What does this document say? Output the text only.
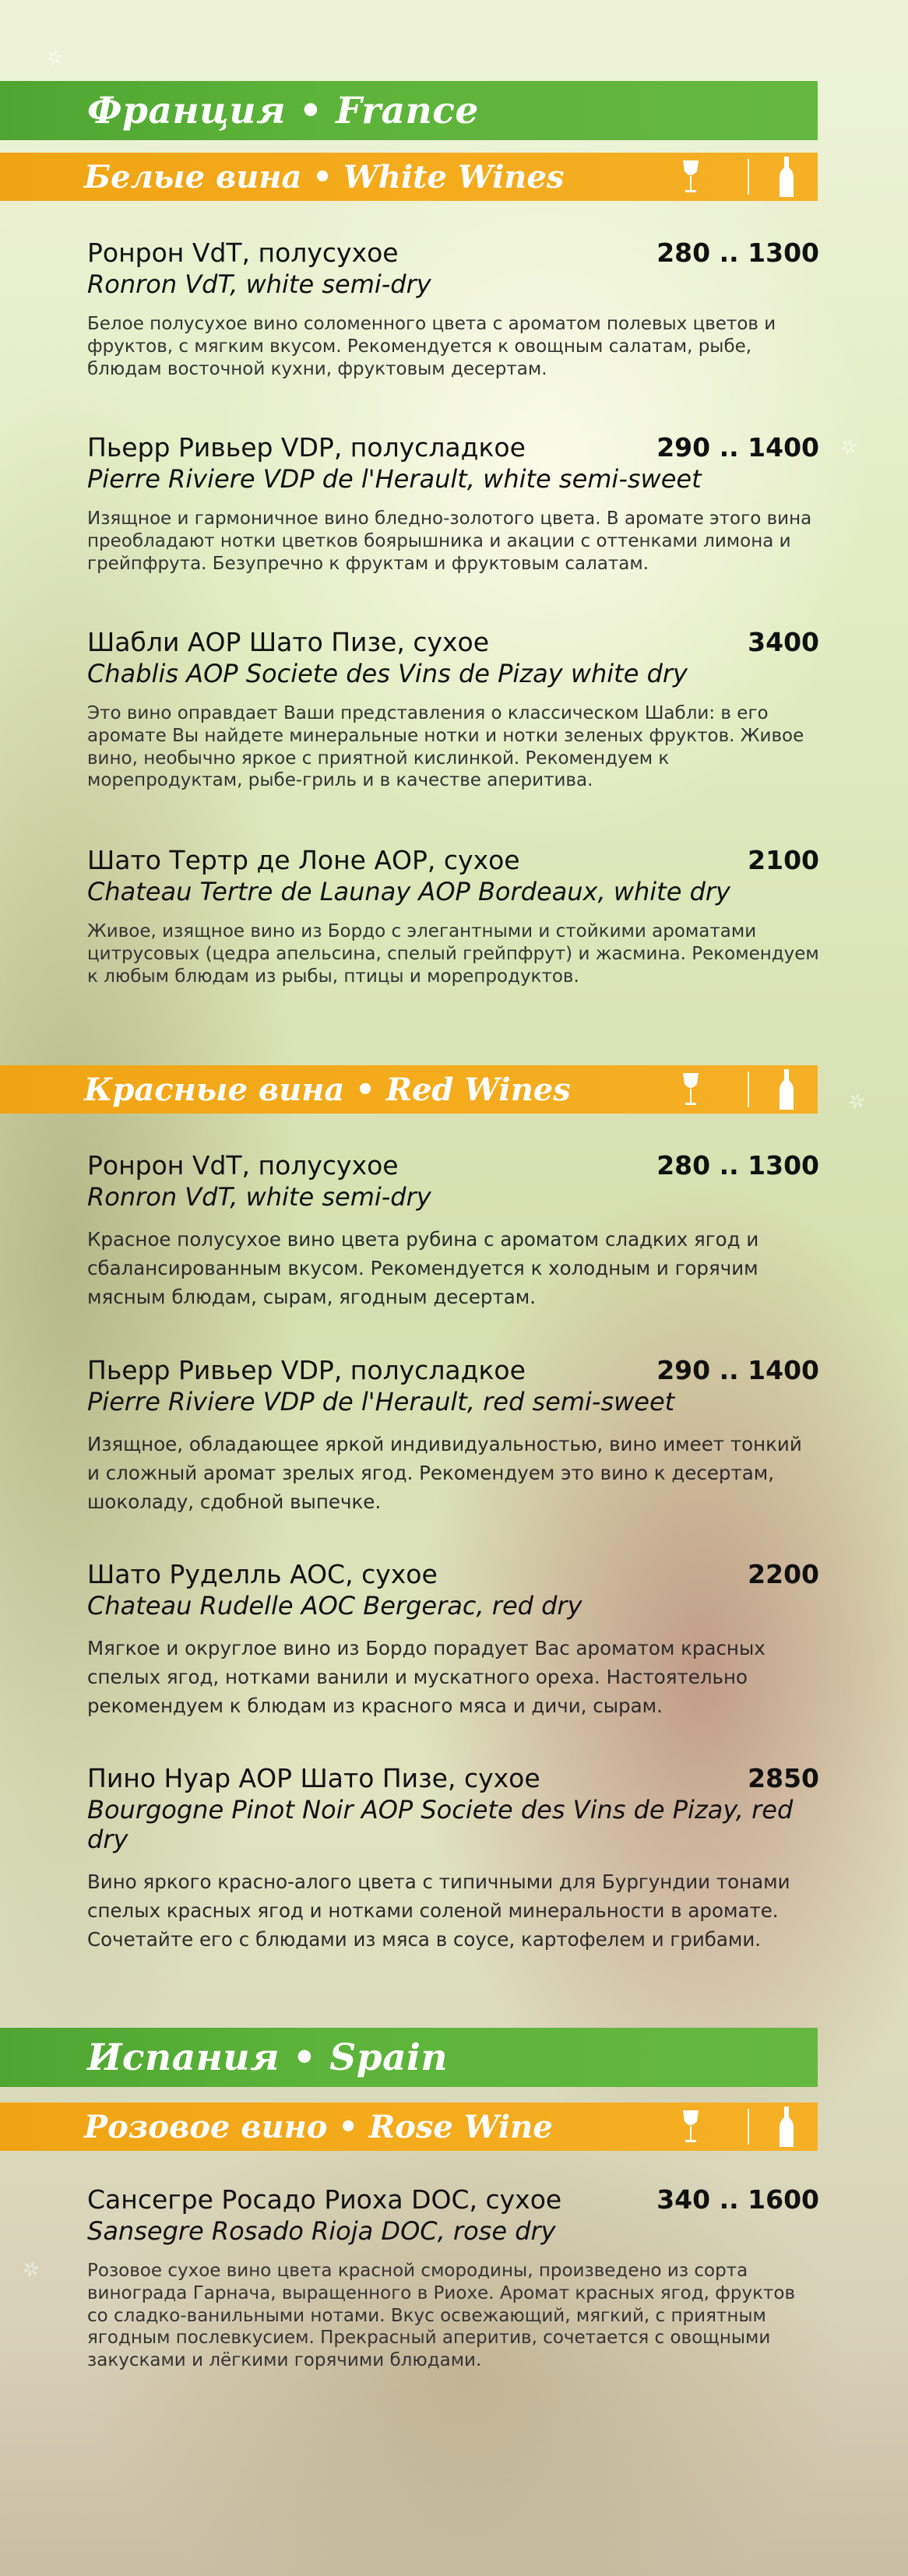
✲
✲
✲
✲
Франция • France
Белые вина • White Wines
Ронрон VdT, полусухое	280 .. 1300
Ronron VdT, white semi-dry
Белое полусухое вино соломенного цвета с ароматом полевых цветов и фруктов, с мягким вкусом. Рекомендуется к овощным салатам, рыбе, блюдам восточной кухни, фруктовым десертам.
Пьерр Ривьер VDP, полусладкое	290 .. 1400
Pierre Riviere VDP de l'Herault, white semi-sweet
Изящное и гармоничное вино бледно-золотого цвета. В аромате этого вина преобладают нотки цветков боярышника и акации с оттенками лимона и грейпфрута. Безупречно к фруктам и фруктовым салатам.
Шабли АОР Шато Пизе, сухое	3400
Chablis AOP Societe des Vins de Pizay white dry
Это вино оправдает Ваши представления о классическом Шабли: в его аромате Вы найдете минеральные нотки и нотки зеленых фруктов. Живое вино, необычно яркое с приятной кислинкой. Рекомендуем к морепродуктам, рыбе-гриль и в качестве аперитива.
Шато Тертр де Лоне АОР, сухое	2100
Chateau Tertre de Launay AOP Bordeaux, white dry
Живое, изящное вино из Бордо с элегантными и стойкими ароматами цитрусовых (цедра апельсина, спелый грейпфрут) и жасмина. Рекомендуем к любым блюдам из рыбы, птицы и морепродуктов.
Красные вина • Red Wines
Ронрон VdT, полусухое	280 .. 1300
Ronron VdT, white semi-dry
Красное полусухое вино цвета рубина с ароматом сладких ягод и сбалансированным вкусом. Рекомендуется к холодным и горячим мясным блюдам, сырам, ягодным десертам.
Пьерр Ривьер VDP, полусладкое	290 .. 1400
Pierre Riviere VDP de l'Herault, red semi-sweet
Изящное, обладающее яркой индивидуальностью, вино имеет тонкий и сложный аромат зрелых ягод. Рекомендуем это вино к десертам, шоколаду, сдобной выпечке.
Шато Руделль AOC, сухое	2200
Chateau Rudelle AOC Bergerac, red dry
Мягкое и округлое вино из Бордо порадует Вас ароматом красных спелых ягод, нотками ванили и мускатного ореха. Настоятельно рекомендуем к блюдам из красного мяса и дичи, сырам.
Пино Нуар АОР Шато Пизе, сухое	2850
Bourgogne Pinot Noir AOP Societe des Vins de Pizay, red dry
Вино яркого красно-алого цвета с типичными для Бургундии тонами спелых красных ягод и нотками соленой минеральности в аромате. Сочетайте его с блюдами из мяса в соусе, картофелем и грибами.
Испания • Spain
Розовое вино • Rose Wine
Сансегре Росадо Риоха DOC, сухое	340 .. 1600
Sansegre Rosado Rioja DOC, rose dry
Розовое сухое вино цвета красной смородины, произведено из сорта винограда Гарнача, выращенного в Риохе. Аромат красных ягод, фруктов со сладко-ванильными нотами. Вкус освежающий, мягкий, с приятным ягодным послевкусием. Прекрасный аперитив, сочетается с овощными закусками и лёгкими горячими блюдами.
